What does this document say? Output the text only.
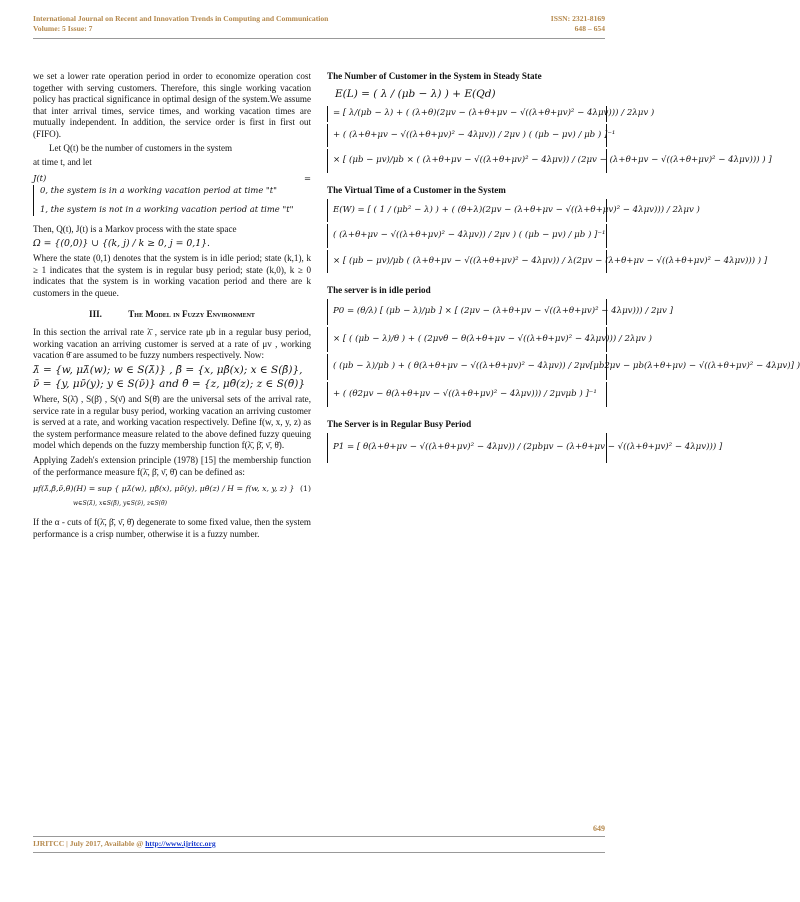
International Journal on Recent and Innovation Trends in Computing and Communication
Volume: 5 Issue: 7
ISSN: 2321-8169
648 – 654

we set a lower rate operation period in order to economize operation cost together with serving customers. Therefore, this single working vacation policy has practical significance in optimal design of the system.We assume that inter arrival times, service times, and working vacation times are mutually independent. In addition, the service order is first in first out (FIFO).

Let Q(t) be the number of customers in the system

at time t, and let

J(t) =
0, the system is in a working vacation period at time "t"
1, the system is not in a working vacation period at time "t"

Then, Q(t), J(t) is a Markov process with the state space

Ω = {(0,0)} ∪ {(k, j) / k ≥ 0, j = 0,1}.

Where the state (0,1) denotes that the system is in idle period; state (k,1), k ≥ 1 indicates that the system is in regular busy period; state (k,0), k ≥ 0 indicates that the system is in working vacation period and there are k customers in the queue.

III.	The Model in Fuzzy Environment

In this section the arrival rate λ̄ , service rate μb in a regular busy period, working vacation an arriving customer is served at a rate of μv , working vacation θ̄ are assumed to be fuzzy numbers respectively. Now:

λ̄ = {w, μλ̄(w); w ∈ S(λ̄)} , β̄ = {x, μβ̄(x); x ∈ S(β̄)},
ν̄ = {y, μν̄(y); y ∈ S(ν̄)} and θ̄ = {z, μθ̄(z); z ∈ S(θ̄)}

Where, S(λ̄) , S(β̄) , S(ν̄) and S(θ̄) are the universal sets of the arrival rate, service rate in a regular busy period, working vacation an arriving customer is served at a rate, and working vacation respectively. Define f(w, x, y, z) as the system performance measure related to the above defined fuzzy queuing model which depends on the fuzzy membership function f(λ̄, β̄, ν̄, θ̄).

Applying Zadeh's extension principle (1978) [15] the membership function of the performance measure f(λ̄, β̄, ν̄, θ̄) can be defined as:

μf(λ̄,β̄,ν̄,θ̄)(H) = sup { μλ̄(w), μβ̄(x), μν̄(y), μθ̄(z) / H = f(w, x, y, z) } (1)
w∈S(λ̄), x∈S(β̄), y∈S(ν̄), z∈S(θ̄)

If the α - cuts of f(λ̄, β̄, ν̄, θ̄) degenerate to some fixed value, then the system performance is a crisp number, otherwise it is a fuzzy number.

The Number of Customer in the System in Steady State

E(L) = ( λ / (μb − λ) ) + E(Qd)
= [ λ/(μb − λ) + ( (λ+θ)(2μv − (λ+θ+μv − √((λ+θ+μv)² − 4λμv))) / 2λμv )
+ ( (λ+θ+μv − √((λ+θ+μv)² − 4λμv)) / 2μv ) ( (μb − μv) / μb ) ]⁻¹
× [ (μb − μv)/μb × ( (λ+θ+μv − √((λ+θ+μv)² − 4λμv)) / (2μv − (λ+θ+μv − √((λ+θ+μv)² − 4λμv))) ) ]

The Virtual Time of a Customer in the System

E(W) = [ ( 1 / (μb² − λ) ) + ( (θ+λ)(2μv − (λ+θ+μv − √((λ+θ+μv)² − 4λμv))) / 2λμv )
( (λ+θ+μv − √((λ+θ+μv)² − 4λμv)) / 2μv ) ( (μb − μv) / μb ) ]⁻¹
× [ (μb − μv)/μb ( (λ+θ+μv − √((λ+θ+μv)² − 4λμv)) / λ(2μv − (λ+θ+μv − √((λ+θ+μv)² − 4λμv))) ) ]

The server is in idle period

P0 = (θ/λ) [ (μb − λ)/μb ] × [ (2μv − (λ+θ+μv − √((λ+θ+μv)² − 4λμv))) / 2μv ]
× [ ( (μb − λ)/θ ) + ( (2μvθ − θ(λ+θ+μv − √((λ+θ+μv)² − 4λμv))) / 2λμv )
( (μb − λ)/μb ) + ( θ(λ+θ+μv − √((λ+θ+μv)² − 4λμv)) / 2μv[μb2μv − μb(λ+θ+μv) − √((λ+θ+μv)² − 4λμv)] )
+ ( (θ2μv − θ(λ+θ+μv − √((λ+θ+μv)² − 4λμv))) / 2μvμb ) ]⁻¹

The Server is in Regular Busy Period

P1 = [ θ(λ+θ+μv − √((λ+θ+μv)² − 4λμv)) / (2μbμv − (λ+θ+μv − √((λ+θ+μv)² − 4λμv))) ]
649
IJRITCC | July 2017, Available @ http://www.ijritcc.org
